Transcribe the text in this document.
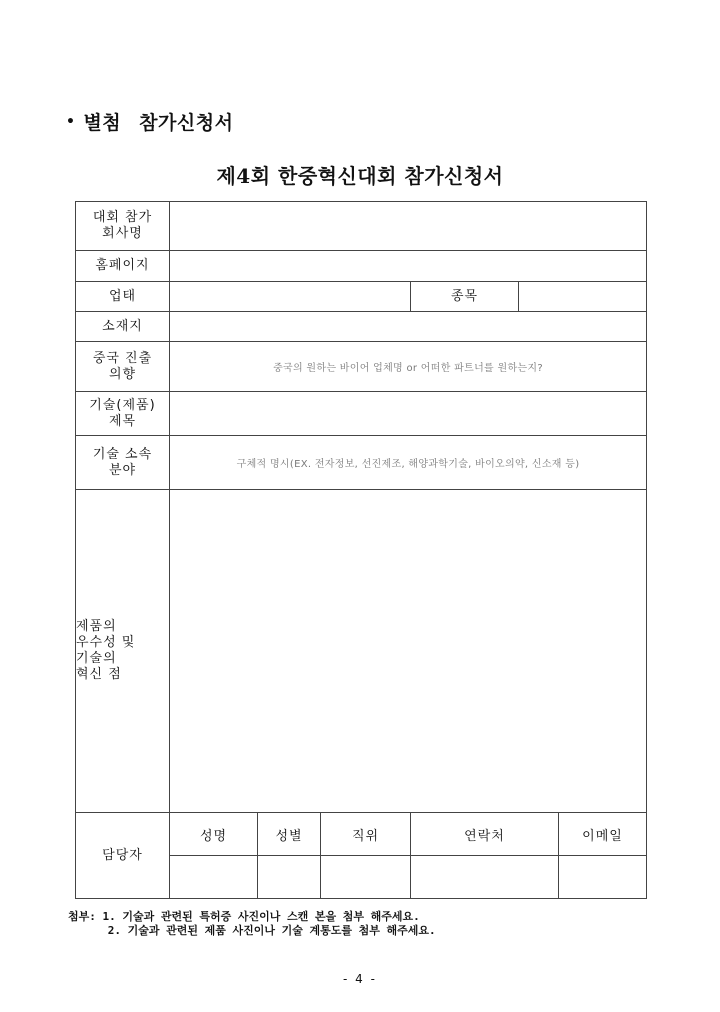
• 별첨 참가신청서
제4회 한중혁신대회 참가신청서
대회 참가
회사명						

홈페이지						
업태				종목		
소재지						

중국 진출
의향	중국의 원하는 바이어 업체명 or 어떠한 파트너를 원하는지?					

기술(제품)
제목						

기술 소속
분야	구체적 명시(EX. 전자정보, 선진제조, 해양과학기술, 바이오의약, 신소재 등)					

제품의
우수성 및
기술의
혁신 점						

담당자	성명	성별	직위	연락처		이메일

첨부: 1. 기술과 관련된 특허증 사진이나 스캔 본을 첨부 해주세요.
2. 기술과 관련된 제품 사진이나 기술 계통도를 첨부 해주세요.
- 4 -
